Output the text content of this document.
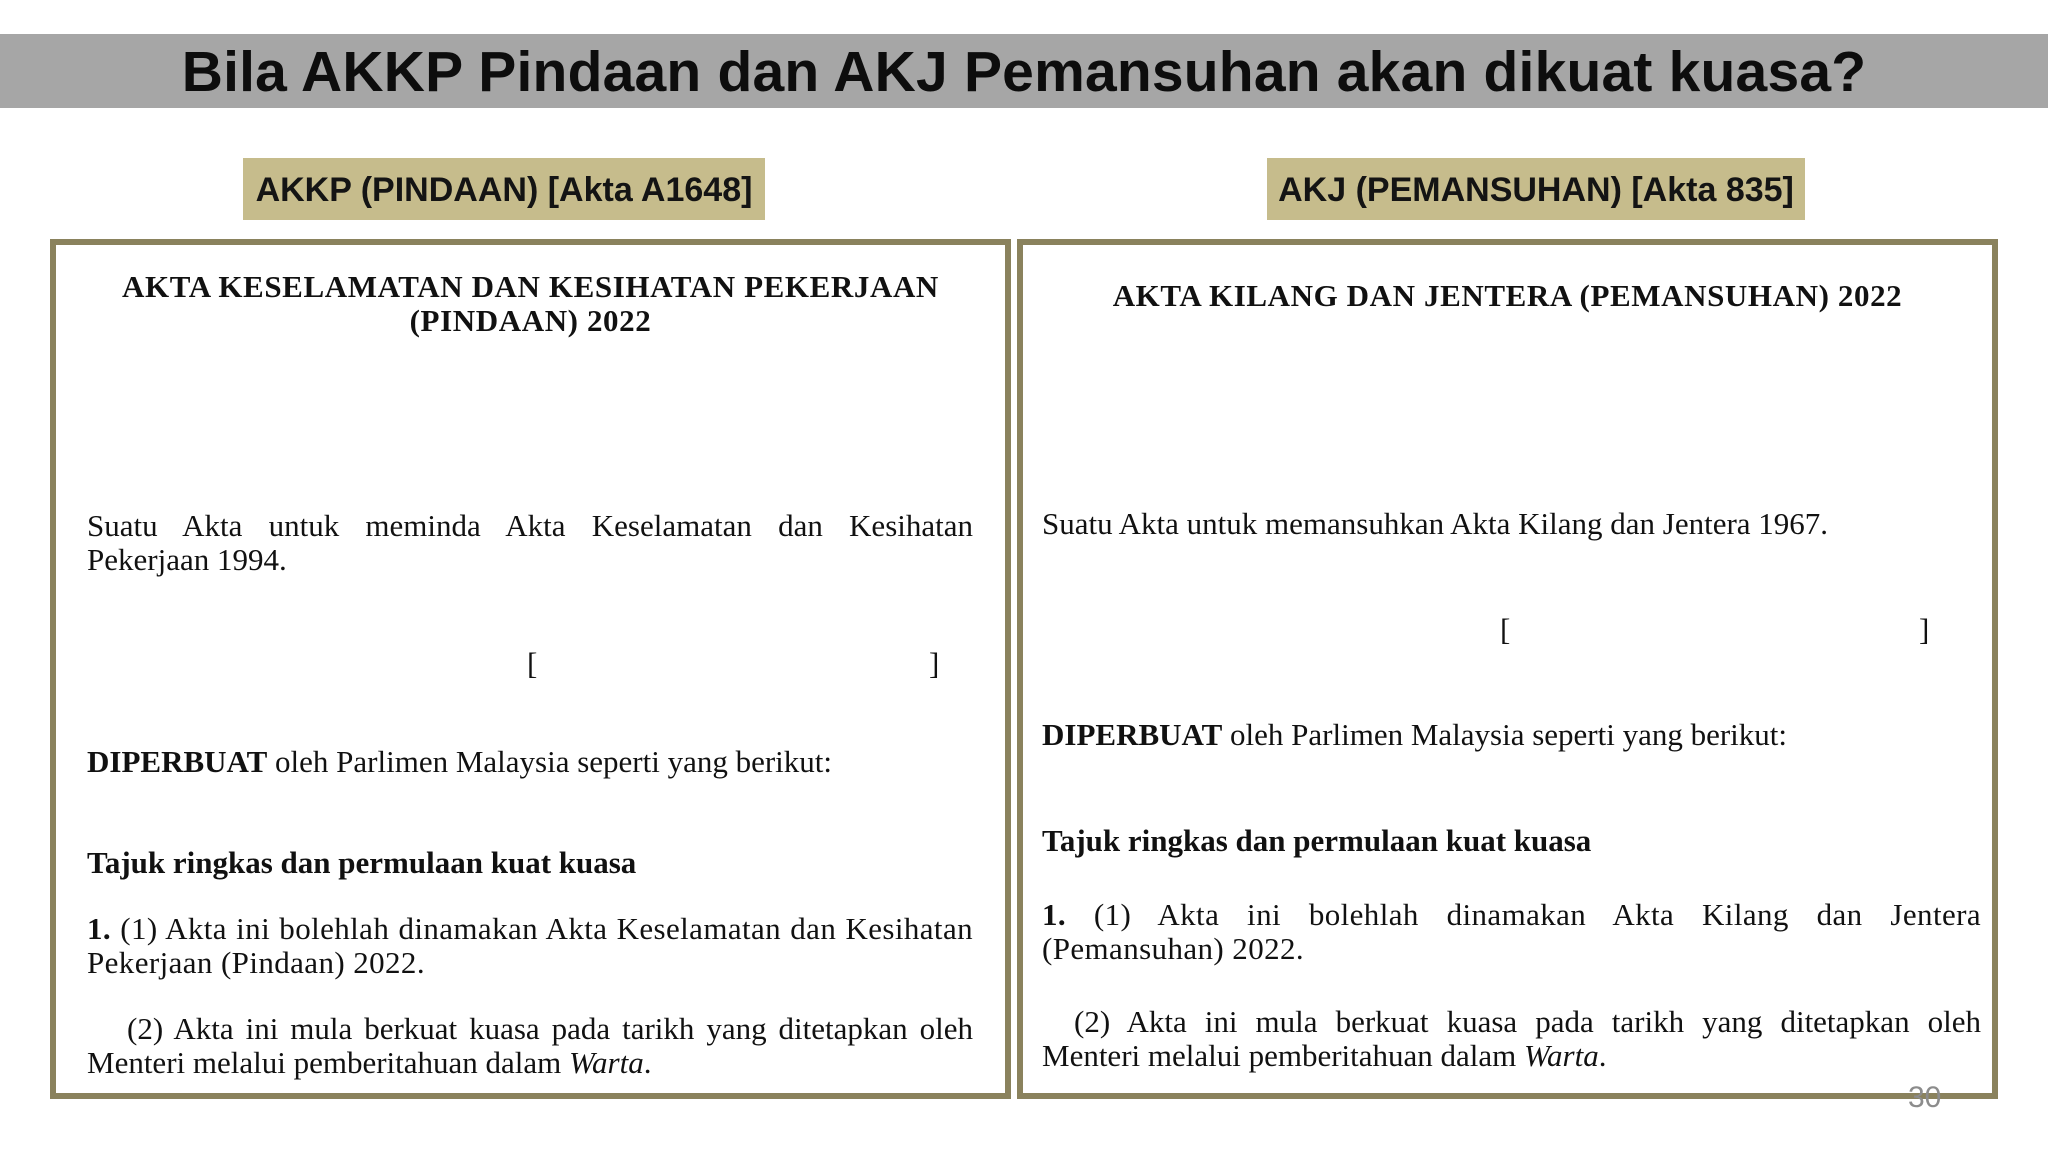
Bila AKKP Pindaan dan AKJ Pemansuhan akan dikuat kuasa?
AKKP (PINDAAN) [Akta A1648]	AKJ (PEMANSUHAN) [Akta 835]
AKTA KESELAMATAN DAN KESIHATAN PEKERJAAN
(PINDAAN) 2022
Suatu Akta untuk meminda Akta Keselamatan dan Kesihatan Pekerjaan 1994.
[	]
DIPERBUAT oleh Parlimen Malaysia seperti yang berikut:
Tajuk ringkas dan permulaan kuat kuasa
1. (1) Akta ini bolehlah dinamakan Akta Keselamatan dan Kesihatan Pekerjaan (Pindaan) 2022.
(2) Akta ini mula berkuat kuasa pada tarikh yang ditetapkan oleh Menteri melalui pemberitahuan dalam Warta.
AKTA KILANG DAN JENTERA (PEMANSUHAN) 2022
Suatu Akta untuk memansuhkan Akta Kilang dan Jentera 1967.
[	]
DIPERBUAT oleh Parlimen Malaysia seperti yang berikut:
Tajuk ringkas dan permulaan kuat kuasa
1. (1) Akta ini bolehlah dinamakan Akta Kilang dan Jentera (Pemansuhan) 2022.
(2) Akta ini mula berkuat kuasa pada tarikh yang ditetapkan oleh Menteri melalui pemberitahuan dalam Warta.
30
